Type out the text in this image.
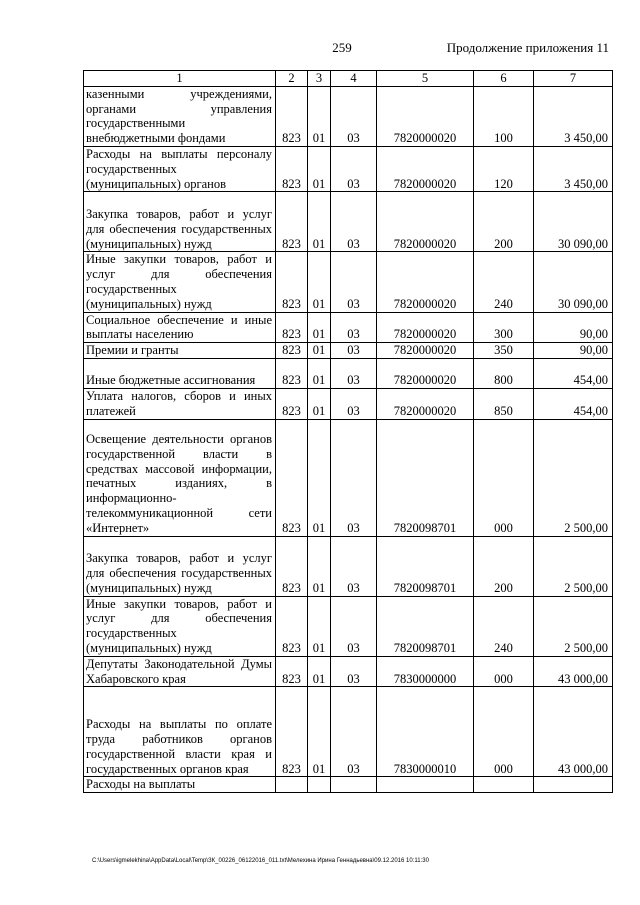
259	Продолжение приложения 11
1	2	3	4	5	6	7
казенными учреждениями, органами управления государственными внебюджетными фондами	823	01	03	7820000020	100	3 450,00
Расходы на выплаты персоналу государственных (муниципальных) органов	823	01	03	7820000020	120	3 450,00
Закупка товаров, работ и услуг для обеспечения государственных (муниципальных) нужд	823	01	03	7820000020	200	30 090,00
Иные закупки товаров, работ и услуг для обеспечения государственных (муниципальных) нужд	823	01	03	7820000020	240	30 090,00
Социальное обеспечение и иные выплаты населению	823	01	03	7820000020	300	90,00
Премии и гранты	823	01	03	7820000020	350	90,00
Иные бюджетные ассигнования	823	01	03	7820000020	800	454,00
Уплата налогов, сборов и иных платежей	823	01	03	7820000020	850	454,00
Освещение деятельности органов государственной власти в средствах массовой информации, печатных изданиях, в информационно-телекоммуникационной сети «Интернет»	823	01	03	7820098701	000	2 500,00
Закупка товаров, работ и услуг для обеспечения государственных (муниципальных) нужд	823	01	03	7820098701	200	2 500,00
Иные закупки товаров, работ и услуг для обеспечения государственных (муниципальных) нужд	823	01	03	7820098701	240	2 500,00
Депутаты Законодательной Думы Хабаровского края	823	01	03	7830000000	000	43 000,00
Расходы на выплаты по оплате труда работников органов государственной власти края и государственных органов края	823	01	03	7830000010	000	43 000,00
Расходы на выплаты						
C:\Users\igmelekhina\AppData\Local\Temp\ЗК_00226_06122016_011.txt\Мелехина Ирина Геннадьевна\09.12.2016 10:11:30
